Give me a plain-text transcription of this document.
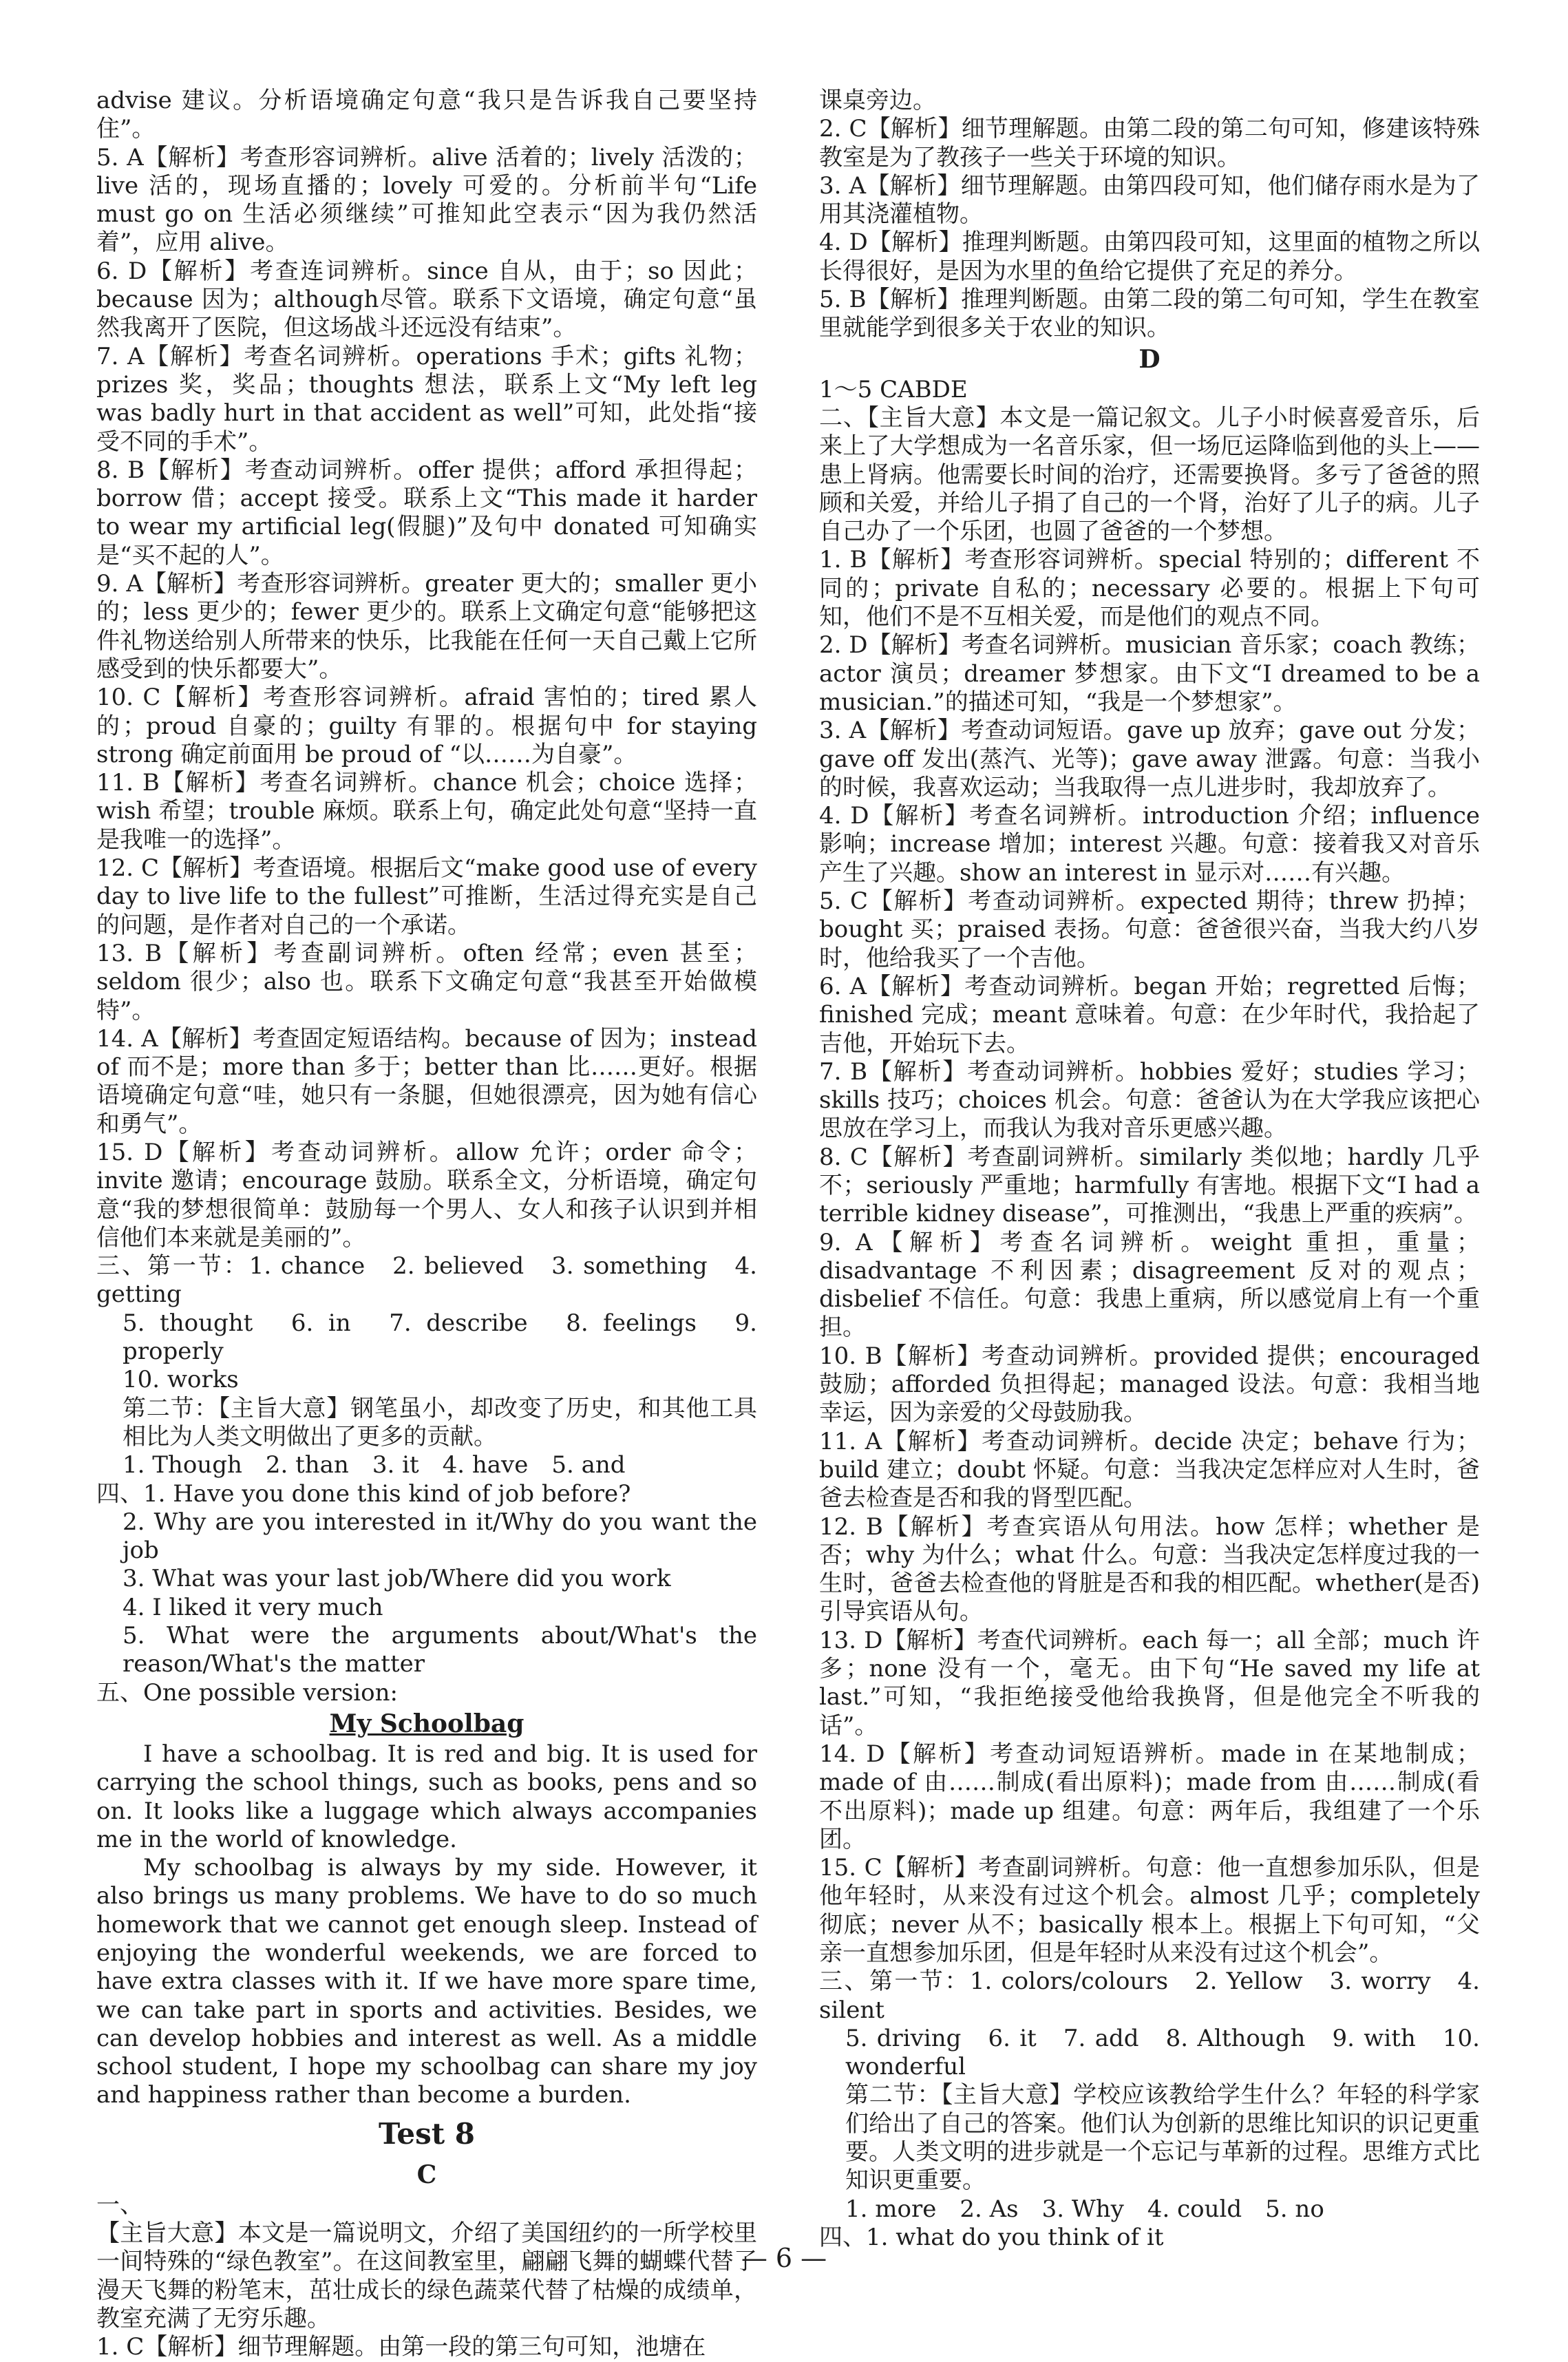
advise 建议。分析语境确定句意“我只是告诉我自己要坚持住”。

5. A【解析】考查形容词辨析。alive 活着的；lively 活泼的；live 活的，现场直播的；lovely 可爱的。分析前半句“Life must go on 生活必须继续”可推知此空表示“因为我仍然活着”，应用 alive。

6. D【解析】考查连词辨析。since 自从，由于；so 因此；because 因为；although尽管。联系下文语境，确定句意“虽然我离开了医院，但这场战斗还远没有结束”。

7. A【解析】考查名词辨析。operations 手术；gifts 礼物；prizes 奖，奖品；thoughts 想法，联系上文“My left leg was badly hurt in that accident as well”可知，此处指“接受不同的手术”。

8. B【解析】考查动词辨析。offer 提供；afford 承担得起；borrow 借；accept 接受。联系上文“This made it harder to wear my artificial leg(假腿)”及句中 donated 可知确实是“买不起的人”。

9. A【解析】考查形容词辨析。greater 更大的；smaller 更小的；less 更少的；fewer 更少的。联系上文确定句意“能够把这件礼物送给别人所带来的快乐，比我能在任何一天自己戴上它所感受到的快乐都要大”。

10. C【解析】考查形容词辨析。afraid 害怕的；tired 累人的；proud 自豪的；guilty 有罪的。根据句中 for staying strong 确定前面用 be proud of “以……为自豪”。

11. B【解析】考查名词辨析。chance 机会；choice 选择；wish 希望；trouble 麻烦。联系上句，确定此处句意“坚持一直是我唯一的选择”。

12. C【解析】考查语境。根据后文“make good use of every day to live life to the fullest”可推断，生活过得充实是自己的问题，是作者对自己的一个承诺。

13. B【解析】考查副词辨析。often 经常；even 甚至；seldom 很少；also 也。联系下文确定句意“我甚至开始做模特”。

14. A【解析】考查固定短语结构。because of 因为；instead of 而不是；more than 多于；better than 比……更好。根据语境确定句意“哇，她只有一条腿，但她很漂亮，因为她有信心和勇气”。

15. D【解析】考查动词辨析。allow 允许；order 命令；invite 邀请；encourage 鼓励。联系全文，分析语境，确定句意“我的梦想很简单：鼓励每一个男人、女人和孩子认识到并相信他们本来就是美丽的”。

三、第一节：1. chance　2. believed　3. something　4. getting

5. thought　6. in　7. describe　8. feelings　9. properly

10. works

第二节：【主旨大意】钢笔虽小，却改变了历史，和其他工具相比为人类文明做出了更多的贡献。

1. Though　2. than　3. it　4. have　5. and

四、1. Have you done this kind of job before?

2. Why are you interested in it/Why do you want the job

3. What was your last job/Where did you work

4. I liked it very much

5. What were the arguments about/What's the reason/What's the matter

五、One possible version:

My Schoolbag

I have a schoolbag. It is red and big. It is used for carrying the school things, such as books, pens and so on. It looks like a luggage which always accompanies me in the world of knowledge.

My schoolbag is always by my side. However, it also brings us many problems. We have to do so much homework that we cannot get enough sleep. Instead of enjoying the wonderful weekends, we are forced to have extra classes with it. If we have more spare time, we can take part in sports and activities. Besides, we can develop hobbies and interest as well. As a middle school student, I hope my schoolbag can share my joy and happiness rather than become a burden.

Test 8

C

一、

【主旨大意】本文是一篇说明文，介绍了美国纽约的一所学校里一间特殊的“绿色教室”。在这间教室里，翩翩飞舞的蝴蝶代替了漫天飞舞的粉笔末，茁壮成长的绿色蔬菜代替了枯燥的成绩单，教室充满了无穷乐趣。

1. C【解析】细节理解题。由第一段的第三句可知，池塘在

课桌旁边。

2. C【解析】细节理解题。由第二段的第二句可知，修建该特殊教室是为了教孩子一些关于环境的知识。

3. A【解析】细节理解题。由第四段可知，他们储存雨水是为了用其浇灌植物。

4. D【解析】推理判断题。由第四段可知，这里面的植物之所以长得很好，是因为水里的鱼给它提供了充足的养分。

5. B【解析】推理判断题。由第二段的第二句可知，学生在教室里就能学到很多关于农业的知识。

D

1～5 CABDE

二、【主旨大意】本文是一篇记叙文。儿子小时候喜爱音乐，后来上了大学想成为一名音乐家，但一场厄运降临到他的头上——患上肾病。他需要长时间的治疗，还需要换肾。多亏了爸爸的照顾和关爱，并给儿子捐了自己的一个肾，治好了儿子的病。儿子自己办了一个乐团，也圆了爸爸的一个梦想。

1. B【解析】考查形容词辨析。special 特别的；different 不同的；private 自私的；necessary 必要的。根据上下句可知，他们不是不互相关爱，而是他们的观点不同。

2. D【解析】考查名词辨析。musician 音乐家；coach 教练；actor 演员；dreamer 梦想家。由下文“I dreamed to be a musician.”的描述可知，“我是一个梦想家”。

3. A【解析】考查动词短语。gave up 放弃；gave out 分发；gave off 发出(蒸汽、光等)；gave away 泄露。句意：当我小的时候，我喜欢运动；当我取得一点儿进步时，我却放弃了。

4. D【解析】考查名词辨析。introduction 介绍；influence 影响；increase 增加；interest 兴趣。句意：接着我又对音乐产生了兴趣。show an interest in 显示对……有兴趣。

5. C【解析】考查动词辨析。expected 期待；threw 扔掉；bought 买；praised 表扬。句意：爸爸很兴奋，当我大约八岁时，他给我买了一个吉他。

6. A【解析】考查动词辨析。began 开始；regretted 后悔；finished 完成；meant 意味着。句意：在少年时代，我拾起了吉他，开始玩下去。

7. B【解析】考查动词辨析。hobbies 爱好；studies 学习；skills 技巧；choices 机会。句意：爸爸认为在大学我应该把心思放在学习上，而我认为我对音乐更感兴趣。

8. C【解析】考查副词辨析。similarly 类似地；hardly 几乎不；seriously 严重地；harmfully 有害地。根据下文“I had a terrible kidney disease”，可推测出，“我患上严重的疾病”。

9. A【解析】考查名词辨析。weight 重担，重量；disadvantage 不利因素；disagreement 反对的观点；disbelief 不信任。句意：我患上重病，所以感觉肩上有一个重担。

10. B【解析】考查动词辨析。provided 提供；encouraged 鼓励；afforded 负担得起；managed 设法。句意：我相当地幸运，因为亲爱的父母鼓励我。

11. A【解析】考查动词辨析。decide 决定；behave 行为；build 建立；doubt 怀疑。句意：当我决定怎样应对人生时，爸爸去检查是否和我的肾型匹配。

12. B【解析】考查宾语从句用法。how 怎样；whether 是否；why 为什么；what 什么。句意：当我决定怎样度过我的一生时，爸爸去检查他的肾脏是否和我的相匹配。whether(是否)引导宾语从句。

13. D【解析】考查代词辨析。each 每一；all 全部；much 许多；none 没有一个，毫无。由下句“He saved my life at last.”可知，“我拒绝接受他给我换肾，但是他完全不听我的话”。

14. D【解析】考查动词短语辨析。made in 在某地制成；made of 由……制成(看出原料)；made from 由……制成(看不出原料)；made up 组建。句意：两年后，我组建了一个乐团。

15. C【解析】考查副词辨析。句意：他一直想参加乐队，但是他年轻时，从来没有过这个机会。almost 几乎；completely 彻底；never 从不；basically 根本上。根据上下句可知，“父亲一直想参加乐团，但是年轻时从来没有过这个机会”。

三、第一节：1. colors/colours　2. Yellow　3. worry　4. silent

5. driving　6. it　7. add　8. Although　9. with　10. wonderful

第二节：【主旨大意】学校应该教给学生什么？年轻的科学家们给出了自己的答案。他们认为创新的思维比知识的识记更重要。人类文明的进步就是一个忘记与革新的过程。思维方式比知识更重要。

1. more　2. As　3. Why　4. could　5. no

四、1. what do you think of it

— 6 —
